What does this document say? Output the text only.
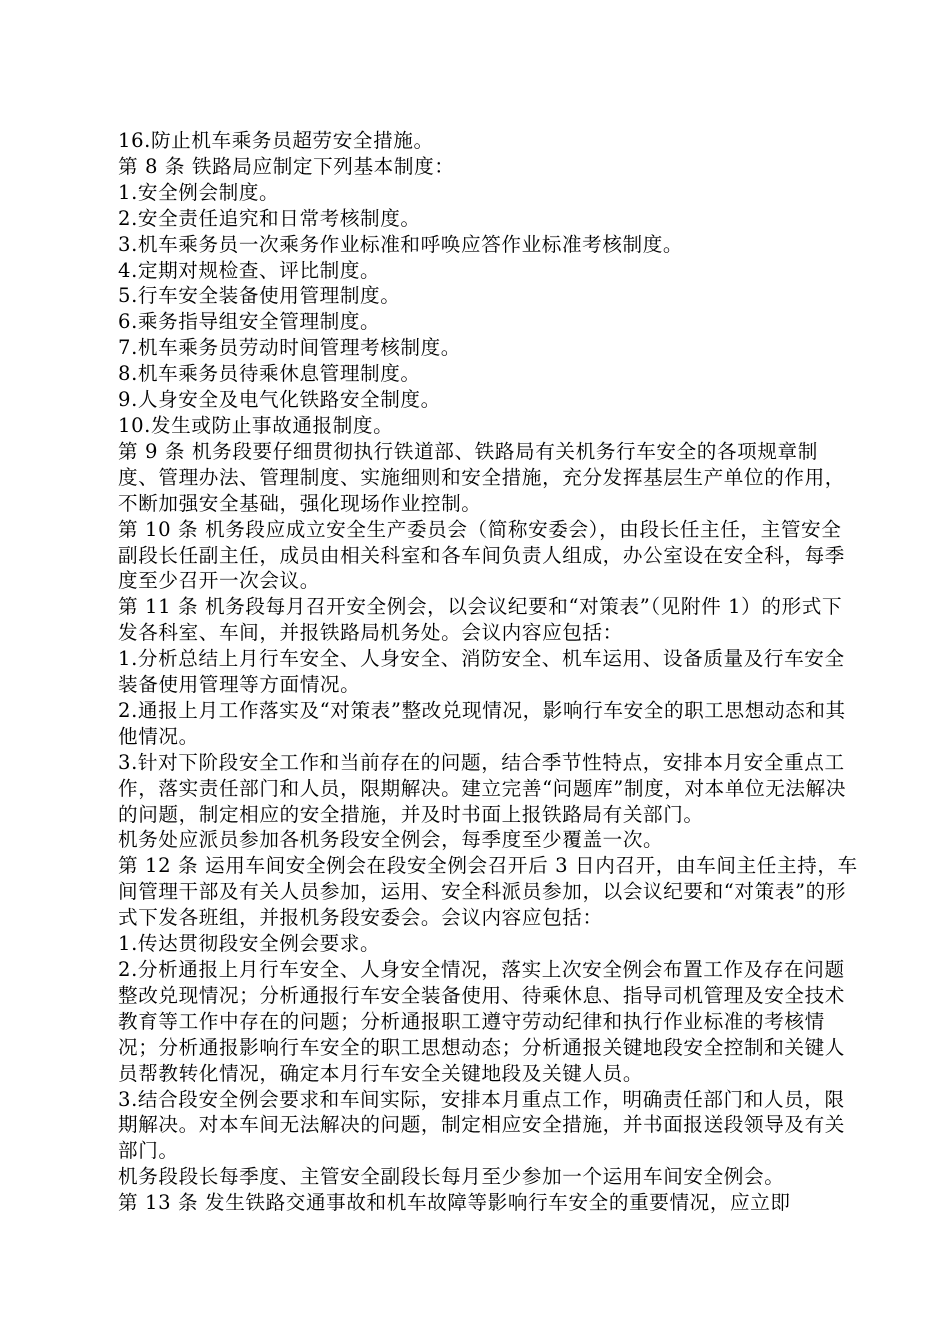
16.防止机车乘务员超劳安全措施。

第 8 条 铁路局应制定下列基本制度：

1.安全例会制度。

2.安全责任追究和日常考核制度。

3.机车乘务员一次乘务作业标准和呼唤应答作业标准考核制度。

4.定期对规检查、评比制度。

5.行车安全装备使用管理制度。

6.乘务指导组安全管理制度。

7.机车乘务员劳动时间管理考核制度。

8.机车乘务员待乘休息管理制度。

9.人身安全及电气化铁路安全制度。

10.发生或防止事故通报制度。

第 9 条 机务段要仔细贯彻执行铁道部、铁路局有关机务行车安全的各项规章制度、管理办法、管理制度、实施细则和安全措施，充分发挥基层生产单位的作用，不断加强安全基础，强化现场作业控制。

第 10 条 机务段应成立安全生产委员会（简称安委会），由段长任主任，主管安全副段长任副主任，成员由相关科室和各车间负责人组成，办公室设在安全科，每季度至少召开一次会议。

第 11 条 机务段每月召开安全例会，以会议纪要和“对策表”（见附件 1）的形式下发各科室、车间，并报铁路局机务处。会议内容应包括：

1.分析总结上月行车安全、人身安全、消防安全、机车运用、设备质量及行车安全装备使用管理等方面情况。

2.通报上月工作落实及“对策表”整改兑现情况，影响行车安全的职工思想动态和其他情况。

3.针对下阶段安全工作和当前存在的问题，结合季节性特点，安排本月安全重点工作，落实责任部门和人员，限期解决。建立完善“问题库”制度，对本单位无法解决的问题，制定相应的安全措施，并及时书面上报铁路局有关部门。

机务处应派员参加各机务段安全例会，每季度至少覆盖一次。

第 12 条 运用车间安全例会在段安全例会召开后 3 日内召开，由车间主任主持，车间管理干部及有关人员参加，运用、安全科派员参加，以会议纪要和“对策表”的形式下发各班组，并报机务段安委会。会议内容应包括：

1.传达贯彻段安全例会要求。

2.分析通报上月行车安全、人身安全情况，落实上次安全例会布置工作及存在问题整改兑现情况；分析通报行车安全装备使用、待乘休息、指导司机管理及安全技术教育等工作中存在的问题；分析通报职工遵守劳动纪律和执行作业标准的考核情况；分析通报影响行车安全的职工思想动态；分析通报关键地段安全控制和关键人员帮教转化情况，确定本月行车安全关键地段及关键人员。

3.结合段安全例会要求和车间实际，安排本月重点工作，明确责任部门和人员，限期解决。对本车间无法解决的问题，制定相应安全措施，并书面报送段领导及有关部门。

机务段段长每季度、主管安全副段长每月至少参加一个运用车间安全例会。

第 13 条 发生铁路交通事故和机车故障等影响行车安全的重要情况，应立即
